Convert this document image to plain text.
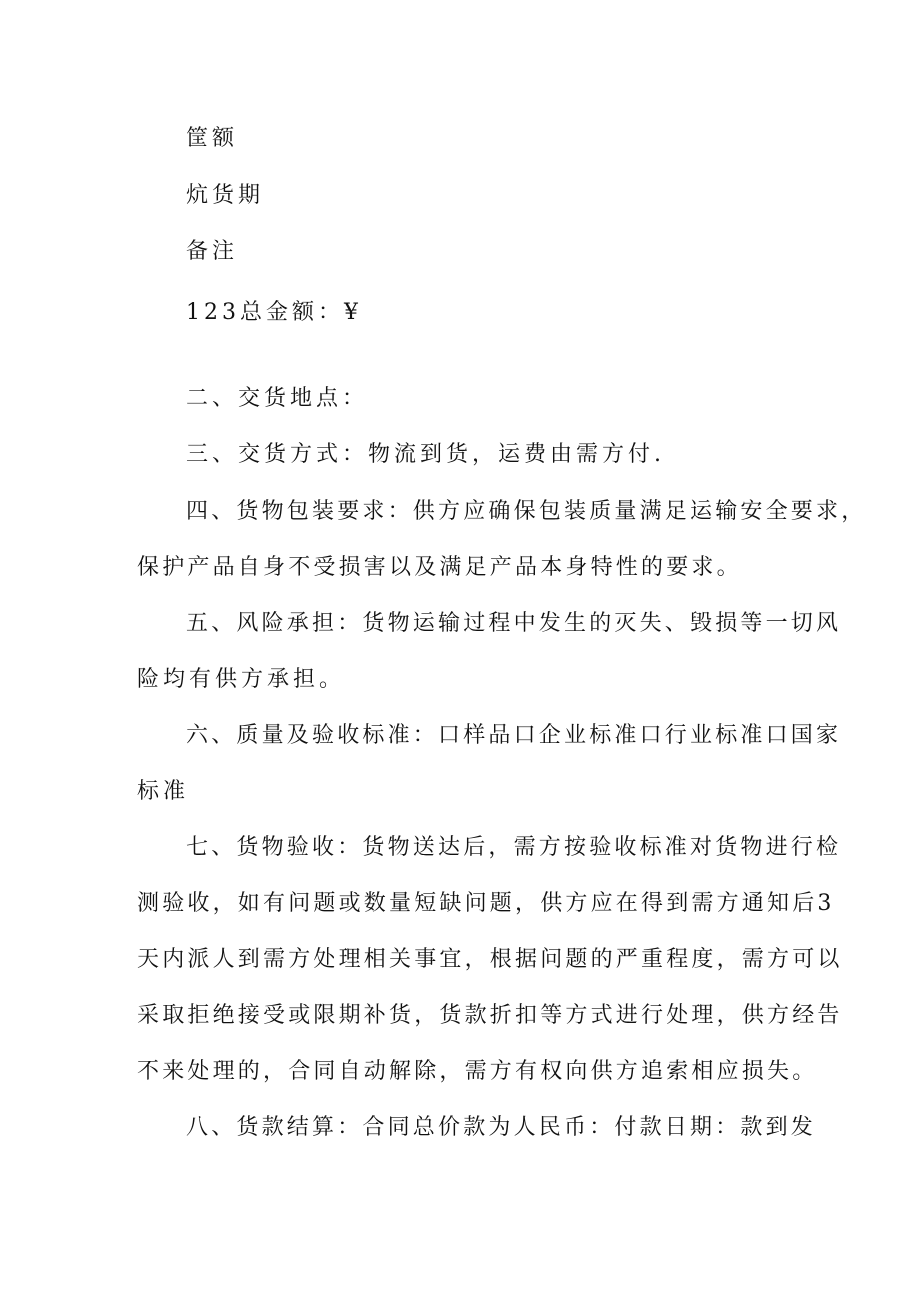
筐额
炕货期
备注
123总金额：¥
二、交货地点：
三、交货方式：物流到货，运费由需方付.
四、货物包装要求：供方应确保包装质量满足运输安全要求，
保护产品自身不受损害以及满足产品本身特性的要求。
五、风险承担：货物运输过程中发生的灭失、毁损等一切风
险均有供方承担。
六、质量及验收标准：口样品口企业标准口行业标准口国家
标准
七、货物验收：货物送达后，需方按验收标准对货物进行检
测验收，如有问题或数量短缺问题，供方应在得到需方通知后3
天内派人到需方处理相关事宜，根据问题的严重程度，需方可以
采取拒绝接受或限期补货，货款折扣等方式进行处理，供方经告
不来处理的，合同自动解除，需方有权向供方追索相应损失。
八、货款结算：合同总价款为人民币：付款日期：款到发
